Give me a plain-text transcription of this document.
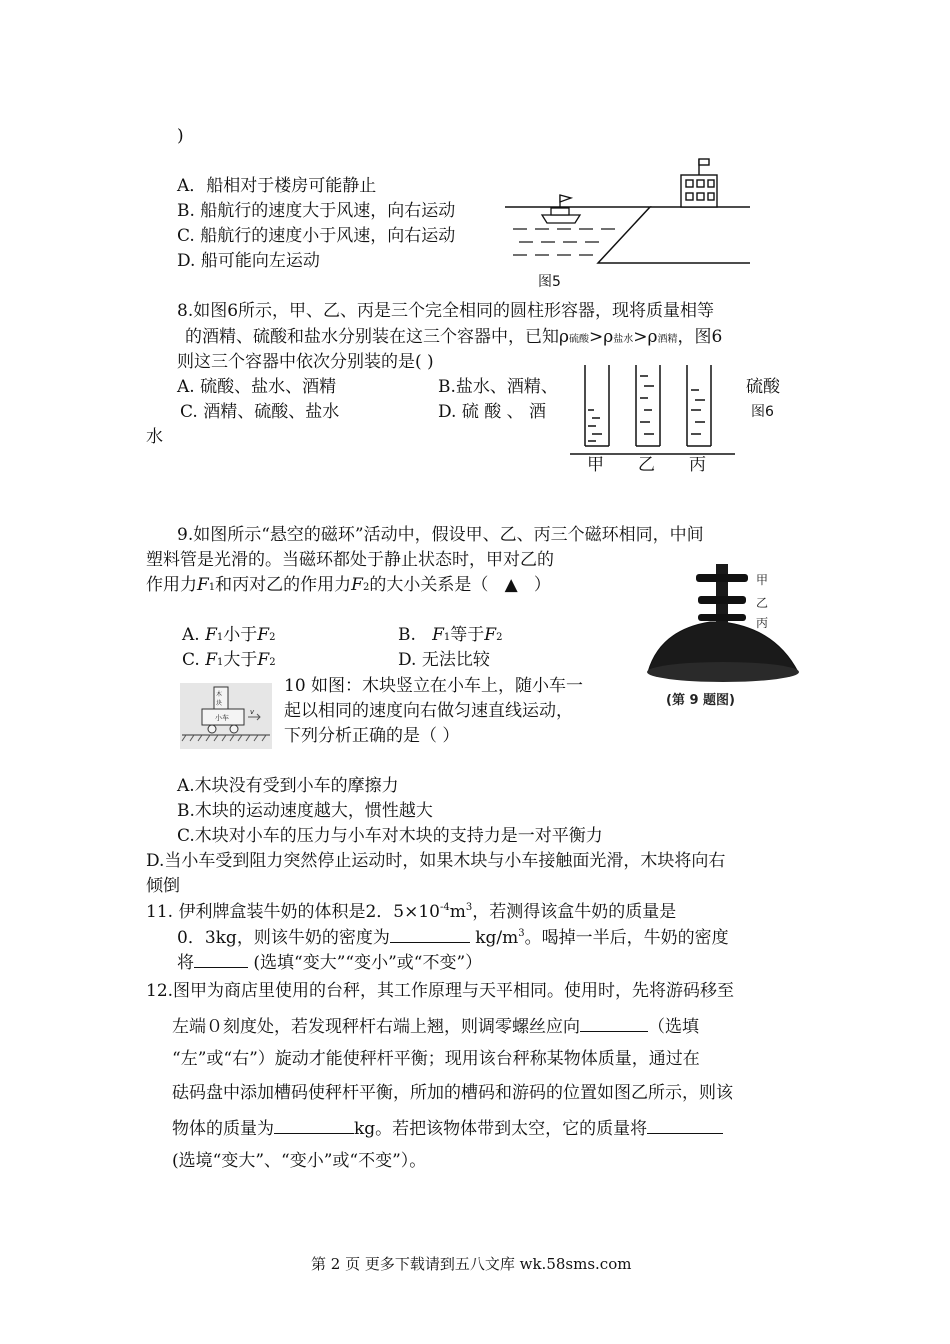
)
A．船相对于楼房可能静止
B. 船航行的速度大于风速，向右运动
C. 船航行的速度小于风速，向右运动
D. 船可能向左运动
图5
8.如图6所示，甲、乙、丙是三个完全相同的圆柱形容器，现将质量相等
的酒精、硫酸和盐水分别装在这三个容器中，已知ρ硫酸>ρ盐水>ρ酒精，图6
则这三个容器中依次分别装的是( )
A. 硫酸、盐水、酒精	B.盐水、酒精、	硫酸
C. 酒精、硫酸、盐水	D. 硫 酸 、 酒	图6
水
甲 乙 丙
9.如图所示“悬空的磁环”活动中，假设甲、乙、丙三个磁环相同，中间
塑料管是光滑的。当磁环都处于静止状态时，甲对乙的
作用力F1和丙对乙的作用力F2的大小关系是（ ▲ ）
A. F1小于F2	B. F1等于F2
C. F1大于F2	D. 无法比较
甲
乙
丙
(第 9 题图)
木
块
小车
v
10 如图：木块竖立在小车上，随小车一
起以相同的速度向右做匀速直线运动，
下列分析正确的是（ ）
A.木块没有受到小车的摩擦力
B.木块的运动速度越大，惯性越大
C.木块对小车的压力与小车对木块的支持力是一对平衡力
D.当小车受到阻力突然停止运动时，如果木块与小车接触面光滑，木块将向右
倾倒
11. 伊利牌盒装牛奶的体积是2．$5\times 10^{-4}m^3$，若测得该盒牛奶的质量是
0．3kg，则该牛奶的密度为	$kg/m^3$。喝掉一半后，牛奶的密度
将	(选填“变大”“变小”或“不变”）
12.图甲为商店里使用的台秤，其工作原理与天平相同。使用时，先将游码移至
左端０刻度处，若发现秤杆右端上翘，则调零螺丝应向	（选填
“左”或“右”）旋动才能使秤杆平衡；现用该台秤称某物体质量，通过在
砝码盘中添加槽码使秤杆平衡，所加的槽码和游码的位置如图乙所示，则该
物体的质量为	kg。若把该物体带到太空，它的质量将
(选境“变大”、“变小”或“不变”）。
第 2 页 更多下载请到五八文库 wk.58sms.com
